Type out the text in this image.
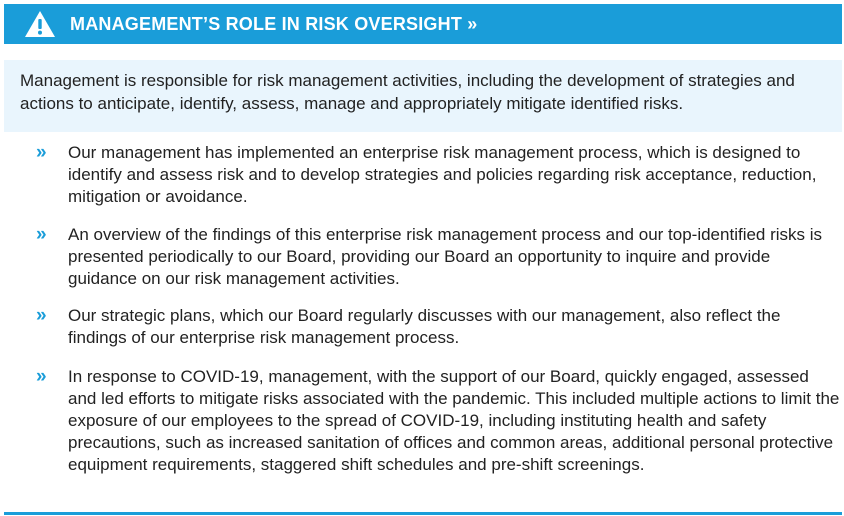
MANAGEMENT’S ROLE IN RISK OVERSIGHT »

Management is responsible for risk management activities, including the development of strategies and actions to anticipate, identify, assess, manage and appropriately mitigate identified risks.

» Our management has implemented an enterprise risk management process, which is designed to identify and assess risk and to develop strategies and policies regarding risk acceptance, reduction, mitigation or avoidance.
» An overview of the findings of this enterprise risk management process and our top-identified risks is presented periodically to our Board, providing our Board an opportunity to inquire and provide guidance on our risk management activities.
» Our strategic plans, which our Board regularly discusses with our management, also reflect the findings of our enterprise risk management process.
» In response to COVID-19, management, with the support of our Board, quickly engaged, assessed and led efforts to mitigate risks associated with the pandemic. This included multiple actions to limit the exposure of our employees to the spread of COVID-19, including instituting health and safety precautions, such as increased sanitation of offices and common areas, additional personal protective equipment requirements, staggered shift schedules and pre-shift screenings.
